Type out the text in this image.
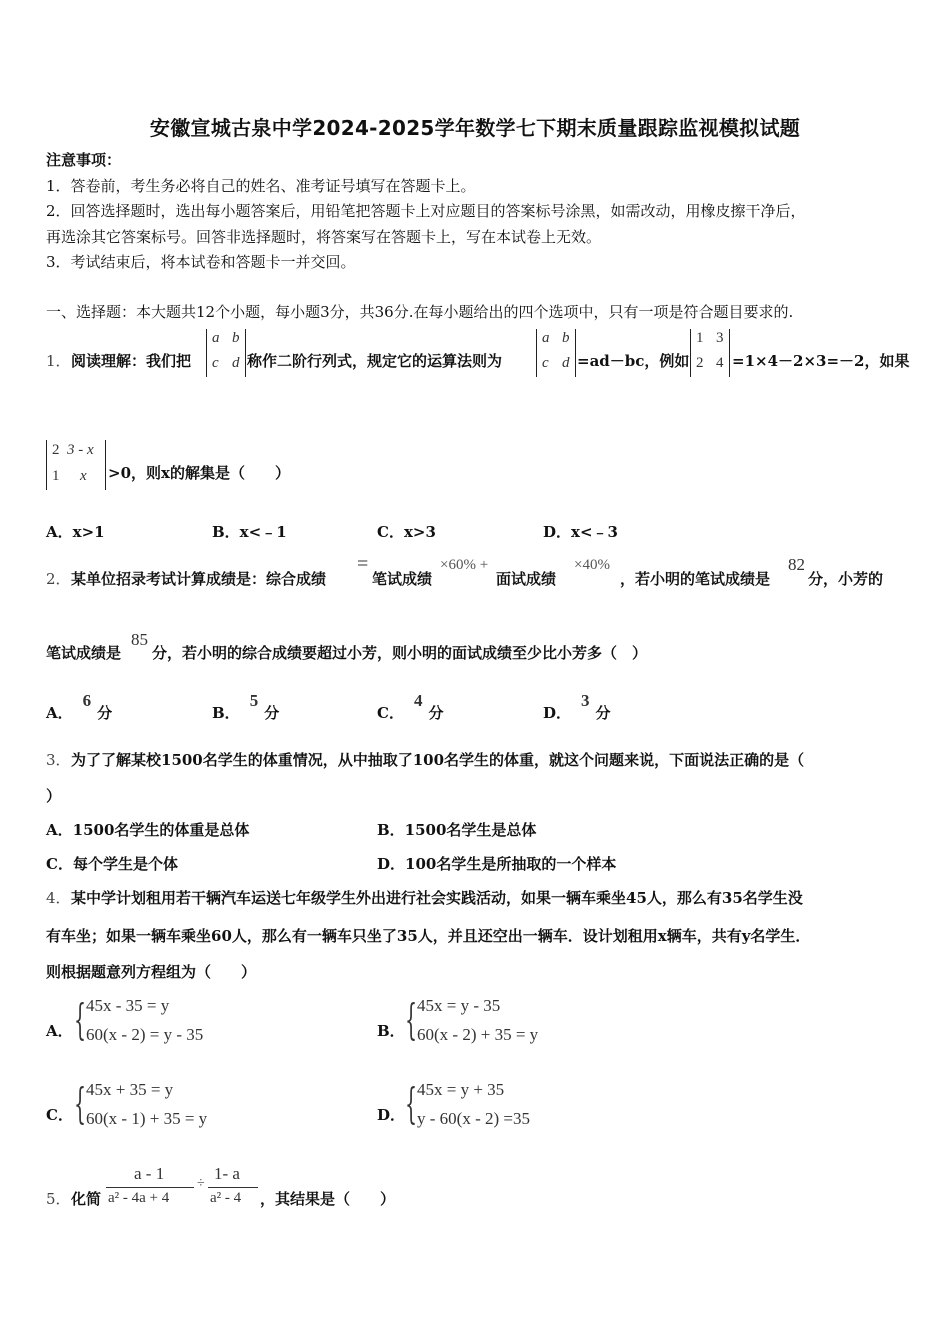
安徽宣城古泉中学2024-2025学年数学七下期末质量跟踪监视模拟试题
注意事项：
1．答卷前，考生务必将自己的姓名、准考证号填写在答题卡上。
2．回答选择题时，选出每小题答案后，用铅笔把答题卡上对应题目的答案标号涂黑，如需改动，用橡皮擦干净后，
再选涂其它答案标号。回答非选择题时，将答案写在答题卡上，写在本试卷上无效。
3．考试结束后，将本试卷和答题卡一并交回。
一、选择题：本大题共12个小题，每小题3分，共36分.在每小题给出的四个选项中，只有一项是符合题目要求的.
1． 阅读理解：我们把
a b
c d 称作二阶行列式，规定它的运算法则为
a b
c d =ad－bc，例如
1 3
2 4 =1×4－2×3=－2，如果
2 3 - x
1 x >0，则x的解集是（　　）
A．x>1	B．x<﹣1	C．x>3	D．x<﹣3
2． 某单位招录考试计算成绩是：综合成绩
=
笔试成绩
×60% +
面试成绩
×40%
，若小明的笔试成绩是
82
分，小芳的
笔试成绩是
85
分，若小明的综合成绩要超过小芳，则小明的面试成绩至少比小芳多（　）
A．6分	B．5分	C．4分	D．3分
3． 为了了解某校1500名学生的体重情况，从中抽取了100名学生的体重，就这个问题来说，下面说法正确的是（
）
A．1500名学生的体重是总体	B．1500名学生是总体
C．每个学生是个体	D．100名学生是所抽取的一个样本
4． 某中学计划租用若干辆汽车运送七年级学生外出进行社会实践活动，如果一辆车乘坐45人，那么有35名学生没
有车坐；如果一辆车乘坐60人，那么有一辆车只坐了35人，并且还空出一辆车．设计划租用x辆车，共有y名学生．
则根据题意列方程组为（　　）
A． { 45x - 35 = y
60(x - 2) = y - 35	B． { 45x = y - 35
60(x - 2) + 35 = y
C． { 45x + 35 = y
60(x - 1) + 35 = y	D． { 45x = y + 35
y - 60(x - 2) =35
5． 化简
a - 1
a² - 4a + 4
÷
1- a
a² - 4 ，其结果是（　　）
